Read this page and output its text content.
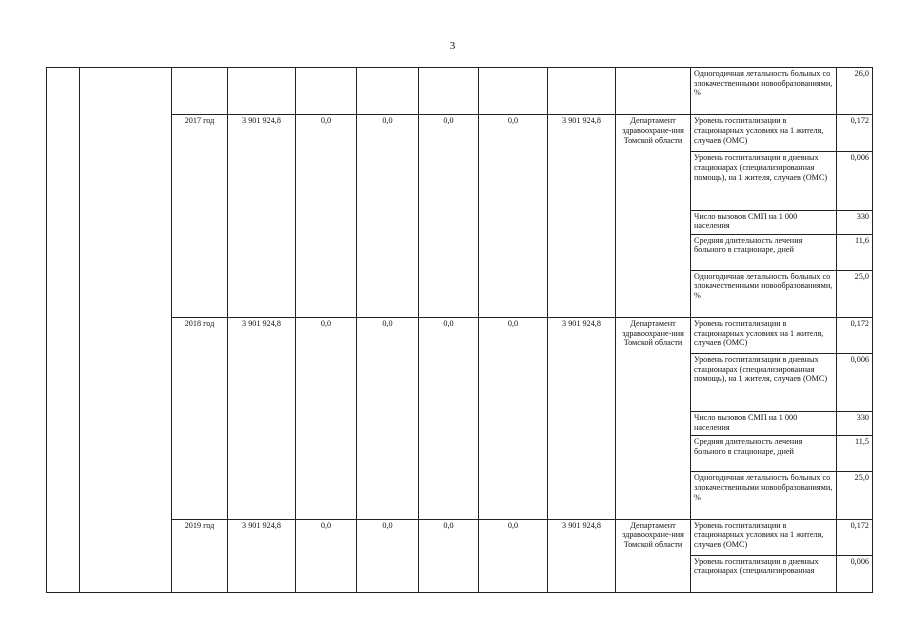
3
										Одногодичная летальность больных со злокачественными новообразованиями, %	26,0
		2017 год	3 901 924,8	0,0	0,0	0,0	0,0	3 901 924,8	Департамент здравоохране-ния Томской области	Уровень госпитализации в стационарных условиях на 1 жителя, случаев (ОМС)	0,172
										Уровень госпитализации в дневных стационарах (специализированная помощь), на 1 жителя, случаев (ОМС)	0,006
										Число вызовов СМП на 1 000 населения	330
										Средняя длительность лечения больного в стационаре, дней	11,6
										Одногодичная летальность больных со злокачественными новообразованиями, %	25,0
		2018 год	3 901 924,8	0,0	0,0	0,0	0,0	3 901 924,8	Департамент здравоохране-ния Томской области	Уровень госпитализации в стационарных условиях на 1 жителя, случаев (ОМС)	0,172
										Уровень госпитализации в дневных стационарах (специализированная помощь), на 1 жителя, случаев (ОМС)	0,006
										Число вызовов СМП на 1 000 населения	330
										Средняя длительность лечения больного в стационаре, дней	11,5
										Одногодичная летальность больных со злокачественными новообразованиями, %	25,0
		2019 год	3 901 924,8	0,0	0,0	0,0	0,0	3 901 924,8	Департамент здравоохране-ния Томской области	Уровень госпитализации в стационарных условиях на 1 жителя, случаев (ОМС)	0,172
										Уровень госпитализации в дневных стационарах (специализированная	0,006
